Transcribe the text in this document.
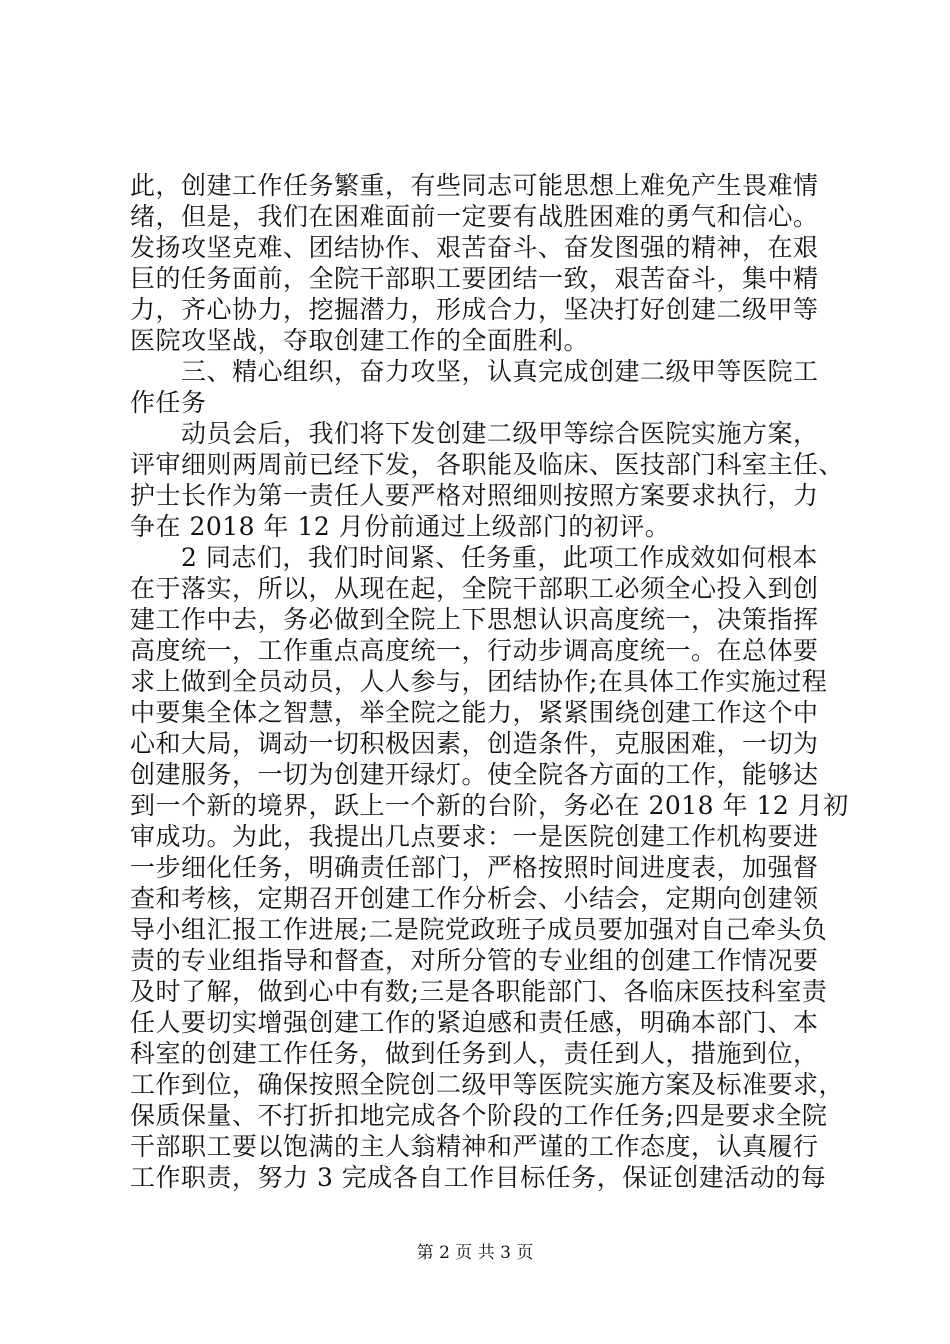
此，创建工作任务繁重，有些同志可能思想上难免产生畏难情
绪，但是，我们在困难面前一定要有战胜困难的勇气和信心。
发扬攻坚克难、团结协作、艰苦奋斗、奋发图强的精神，在艰
巨的任务面前，全院干部职工要团结一致，艰苦奋斗，集中精
力，齐心协力，挖掘潜力，形成合力，坚决打好创建二级甲等
医院攻坚战，夺取创建工作的全面胜利。
　　三、精心组织，奋力攻坚，认真完成创建二级甲等医院工
作任务
　　动员会后，我们将下发创建二级甲等综合医院实施方案，
评审细则两周前已经下发，各职能及临床、医技部门科室主任、
护士长作为第一责任人要严格对照细则按照方案要求执行，力
争在 2018 年 12 月份前通过上级部门的初评。
　　2 同志们，我们时间紧、任务重，此项工作成效如何根本
在于落实，所以，从现在起，全院干部职工必须全心投入到创
建工作中去，务必做到全院上下思想认识高度统一，决策指挥
高度统一，工作重点高度统一，行动步调高度统一。在总体要
求上做到全员动员，人人参与，团结协作;在具体工作实施过程
中要集全体之智慧，举全院之能力，紧紧围绕创建工作这个中
心和大局，调动一切积极因素，创造条件，克服困难，一切为
创建服务，一切为创建开绿灯。使全院各方面的工作，能够达
到一个新的境界，跃上一个新的台阶，务必在 2018 年 12 月初
审成功。为此，我提出几点要求：一是医院创建工作机构要进
一步细化任务，明确责任部门，严格按照时间进度表，加强督
查和考核，定期召开创建工作分析会、小结会，定期向创建领
导小组汇报工作进展;二是院党政班子成员要加强对自己牵头负
责的专业组指导和督查，对所分管的专业组的创建工作情况要
及时了解，做到心中有数;三是各职能部门、各临床医技科室责
任人要切实增强创建工作的紧迫感和责任感，明确本部门、本
科室的创建工作任务，做到任务到人，责任到人，措施到位，
工作到位，确保按照全院创二级甲等医院实施方案及标准要求，
保质保量、不打折扣地完成各个阶段的工作任务;四是要求全院
干部职工要以饱满的主人翁精神和严谨的工作态度，认真履行
工作职责，努力 3 完成各自工作目标任务，保证创建活动的每
第 2 页 共 3 页
